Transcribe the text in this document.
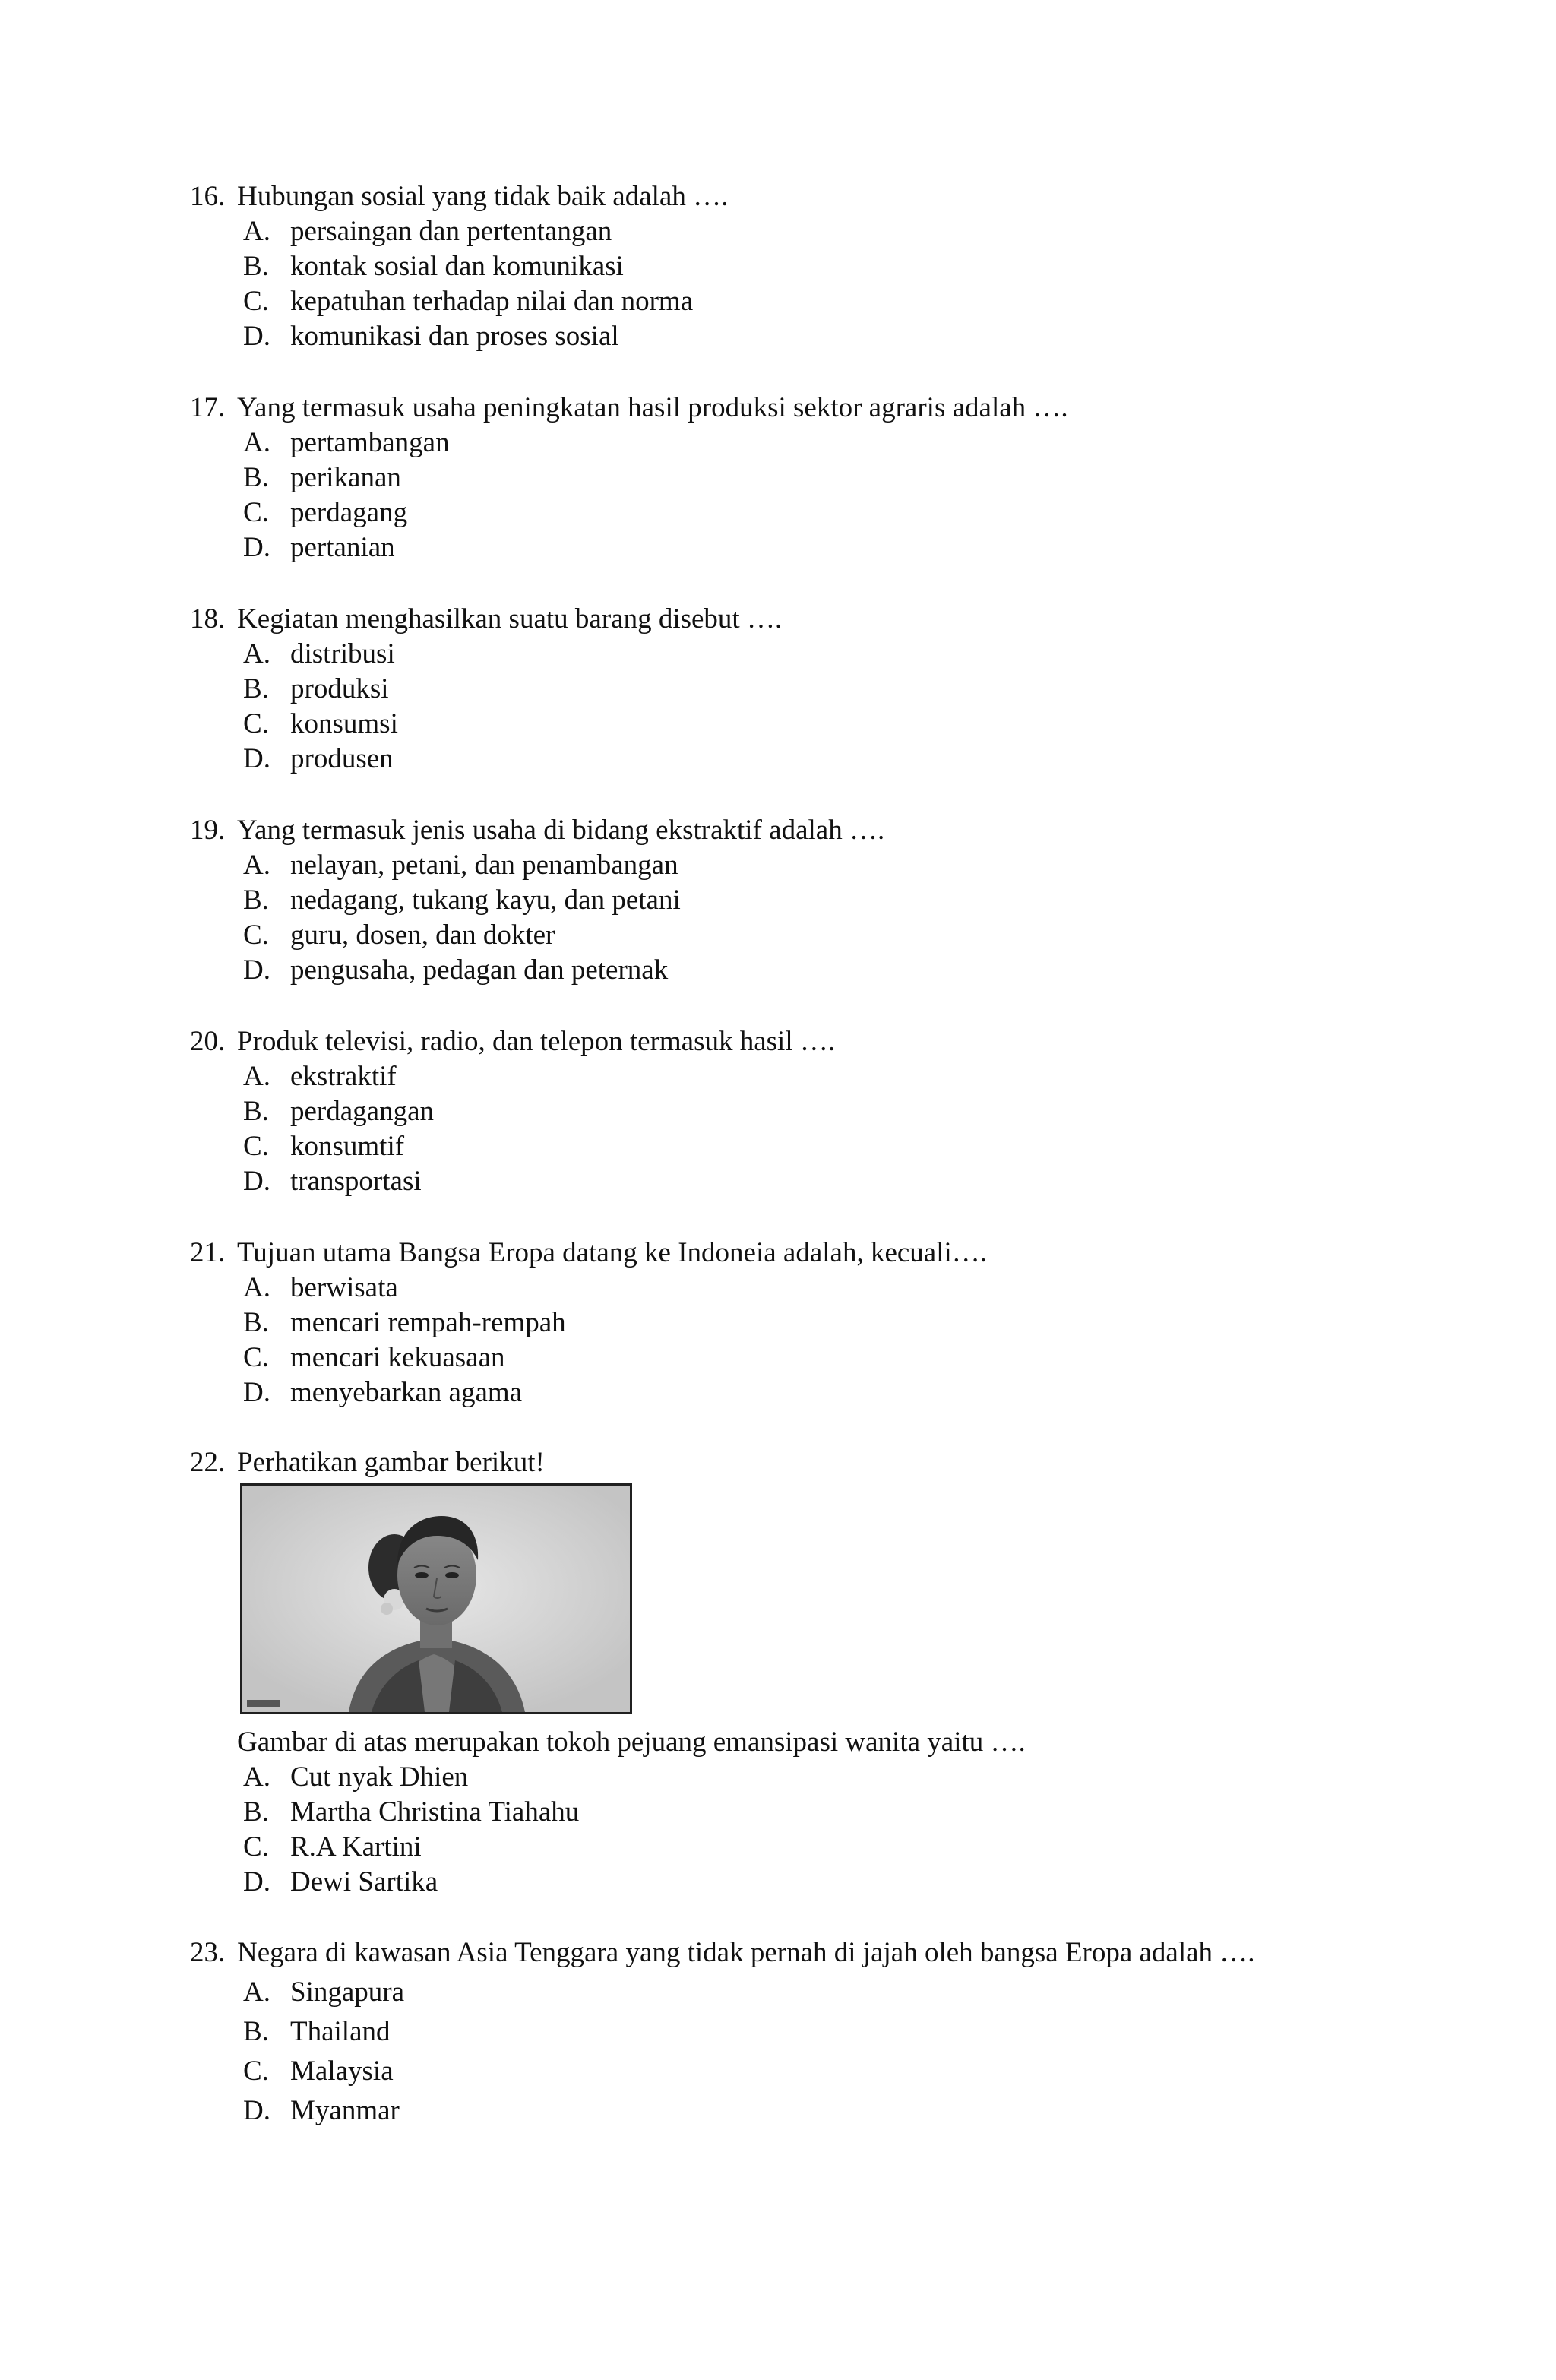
16. Hubungan sosial yang tidak baik adalah ….
A. persaingan dan pertentangan
B. kontak sosial dan komunikasi
C. kepatuhan terhadap nilai dan norma
D. komunikasi dan proses sosial
17. Yang termasuk usaha peningkatan hasil produksi sektor agraris adalah ….
A. pertambangan
B. perikanan
C. perdagang
D. pertanian
18. Kegiatan menghasilkan suatu barang disebut ….
A. distribusi
B. produksi
C. konsumsi
D. produsen
19. Yang termasuk jenis usaha di bidang ekstraktif adalah ….
A. nelayan, petani, dan penambangan
B. nedagang, tukang kayu, dan petani
C. guru, dosen, dan dokter
D. pengusaha, pedagan dan peternak
20. Produk televisi, radio, dan telepon termasuk hasil ….
A. ekstraktif
B. perdagangan
C. konsumtif
D. transportasi
21. Tujuan utama Bangsa Eropa datang ke Indoneia adalah, kecuali….
A. berwisata
B. mencari rempah-rempah
C. mencari kekuasaan
D. menyebarkan agama
22. Perhatikan gambar berikut!
Gambar di atas merupakan tokoh pejuang emansipasi wanita yaitu ….
A. Cut nyak Dhien
B. Martha Christina Tiahahu
C. R.A Kartini
D. Dewi Sartika
23. Negara di kawasan Asia Tenggara yang tidak pernah di jajah oleh bangsa Eropa adalah ….
A. Singapura
B. Thailand
C. Malaysia
D. Myanmar
